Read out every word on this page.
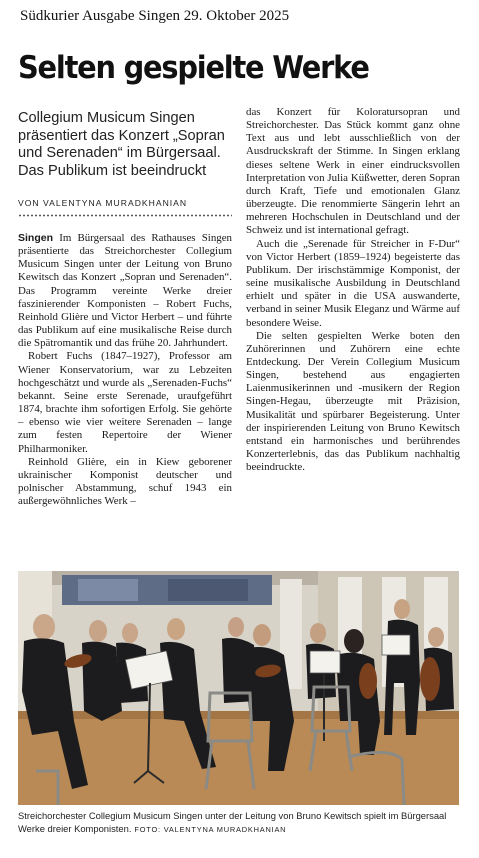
Südkurier Ausgabe Singen 29. Oktober 2025
Selten gespielte Werke
Collegium Musicum Singen präsentiert das Konzert „Sopran und Serenaden“ im Bürgersaal. Das Publikum ist beeindruckt
VON VALENTYNA MURADKHANIAN

Singen Im Bürgersaal des Rathauses Singen präsentierte das Streichorchester Collegium Musicum Singen unter der Leitung von Bruno Kewitsch das Konzert „Sopran und Serenaden“. Das Programm vereinte Werke dreier faszinierender Komponisten – Robert Fuchs, Reinhold Glière und Victor Herbert – und führte das Publikum auf eine musikalische Reise durch die Spätromantik und das frühe 20. Jahrhundert.

Robert Fuchs (1847–1927), Professor am Wiener Konservatorium, war zu Lebzeiten hochgeschätzt und wurde als „Serenaden-Fuchs“ bekannt. Seine erste Serenade, uraufgeführt 1874, brachte ihm sofortigen Erfolg. Sie gehörte – ebenso wie vier weitere Serenaden – lange zum festen Repertoire der Wiener Philharmoniker.

Reinhold Glière, ein in Kiew geborener ukrainischer Komponist deutscher und polnischer Abstammung, schuf 1943 ein außergewöhnliches Werk –

das Konzert für Koloratursopran und Streichorchester. Das Stück kommt ganz ohne Text aus und lebt ausschließlich von der Ausdruckskraft der Stimme. In Singen erklang dieses seltene Werk in einer eindrucksvollen Interpretation von Julia Küßwetter, deren Sopran durch Kraft, Tiefe und emotionalen Glanz überzeugte. Die renommierte Sängerin lehrt an mehreren Hochschulen in Deutschland und der Schweiz und ist international gefragt.

Auch die „Serenade für Streicher in F-Dur“ von Victor Herbert (1859–1924) begeisterte das Publikum. Der irischstämmige Komponist, der seine musikalische Ausbildung in Deutschland erhielt und später in die USA auswanderte, verband in seiner Musik Eleganz und Wärme auf besondere Weise.

Die selten gespielten Werke boten den Zuhörerinnen und Zuhörern eine echte Entdeckung. Der Verein Collegium Musicum Singen, bestehend aus engagierten Laienmusikerinnen und -musikern der Region Singen-Hegau, überzeugte mit Präzision, Musikalität und spürbarer Begeisterung. Unter der inspirierenden Leitung von Bruno Kewitsch entstand ein harmonisches und berührendes Konzerterlebnis, das das Publikum nachhaltig beeindruckte.

Streichorchester Collegium Musicum Singen unter der Leitung von Bruno Kewitsch spielt im Bürgersaal Werke dreier Komponisten. FOTO: VALENTYNA MURADKHANIAN
